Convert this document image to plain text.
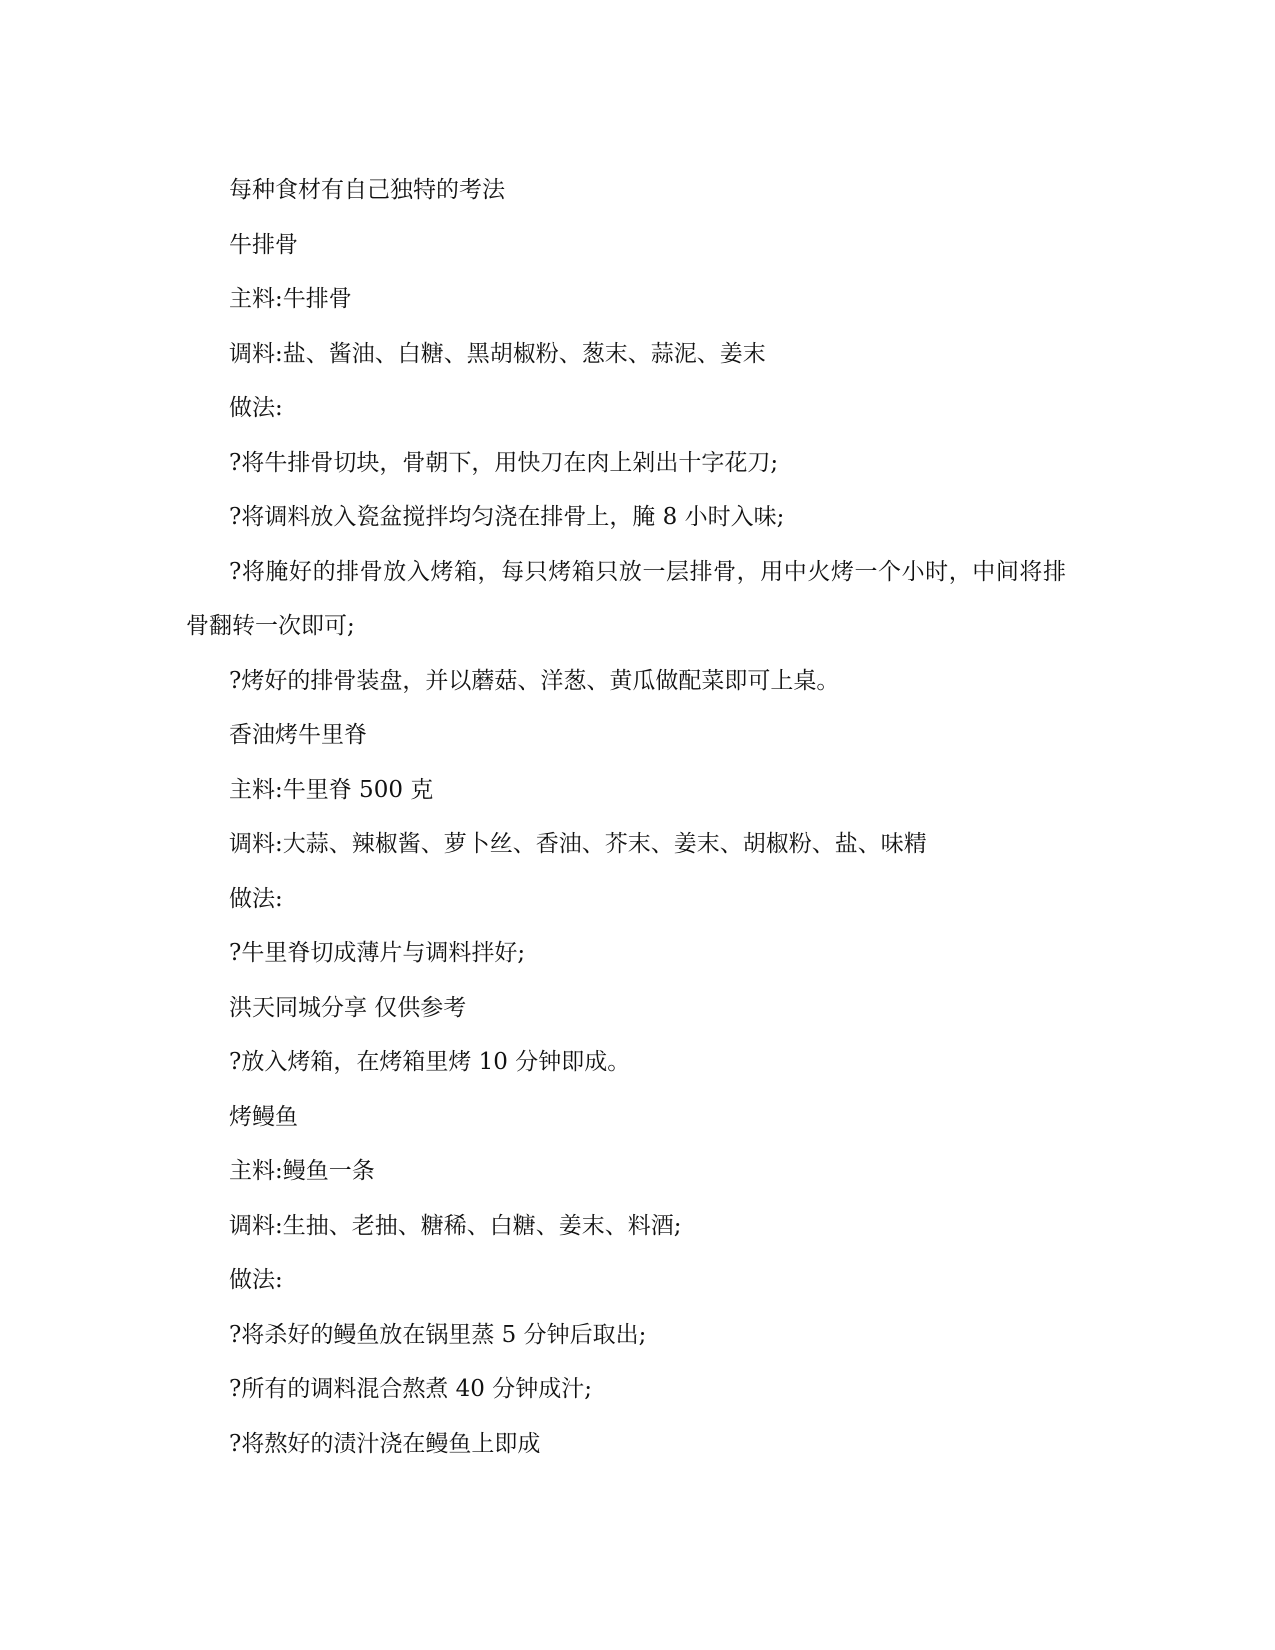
每种食材有自己独特的考法
牛排骨
主料:牛排骨
调料:盐、酱油、白糖、黑胡椒粉、葱末、蒜泥、姜末
做法:
?将牛排骨切块，骨朝下，用快刀在肉上剁出十字花刀;
?将调料放入瓷盆搅拌均匀浇在排骨上，腌 8 小时入味;
?将腌好的排骨放入烤箱，每只烤箱只放一层排骨，用中火烤一个小时，中间将排骨翻转一次即可;
?烤好的排骨装盘，并以蘑菇、洋葱、黄瓜做配菜即可上桌。
香油烤牛里脊
主料:牛里脊 500 克
调料:大蒜、辣椒酱、萝卜丝、香油、芥末、姜末、胡椒粉、盐、味精
做法:
?牛里脊切成薄片与调料拌好;
洪天同城分享 仅供参考
?放入烤箱，在烤箱里烤 10 分钟即成。
烤鳗鱼
主料:鳗鱼一条
调料:生抽、老抽、糖稀、白糖、姜末、料酒;
做法:
?将杀好的鳗鱼放在锅里蒸 5 分钟后取出;
?所有的调料混合熬煮 40 分钟成汁;
?将熬好的渍汁浇在鳗鱼上即成
